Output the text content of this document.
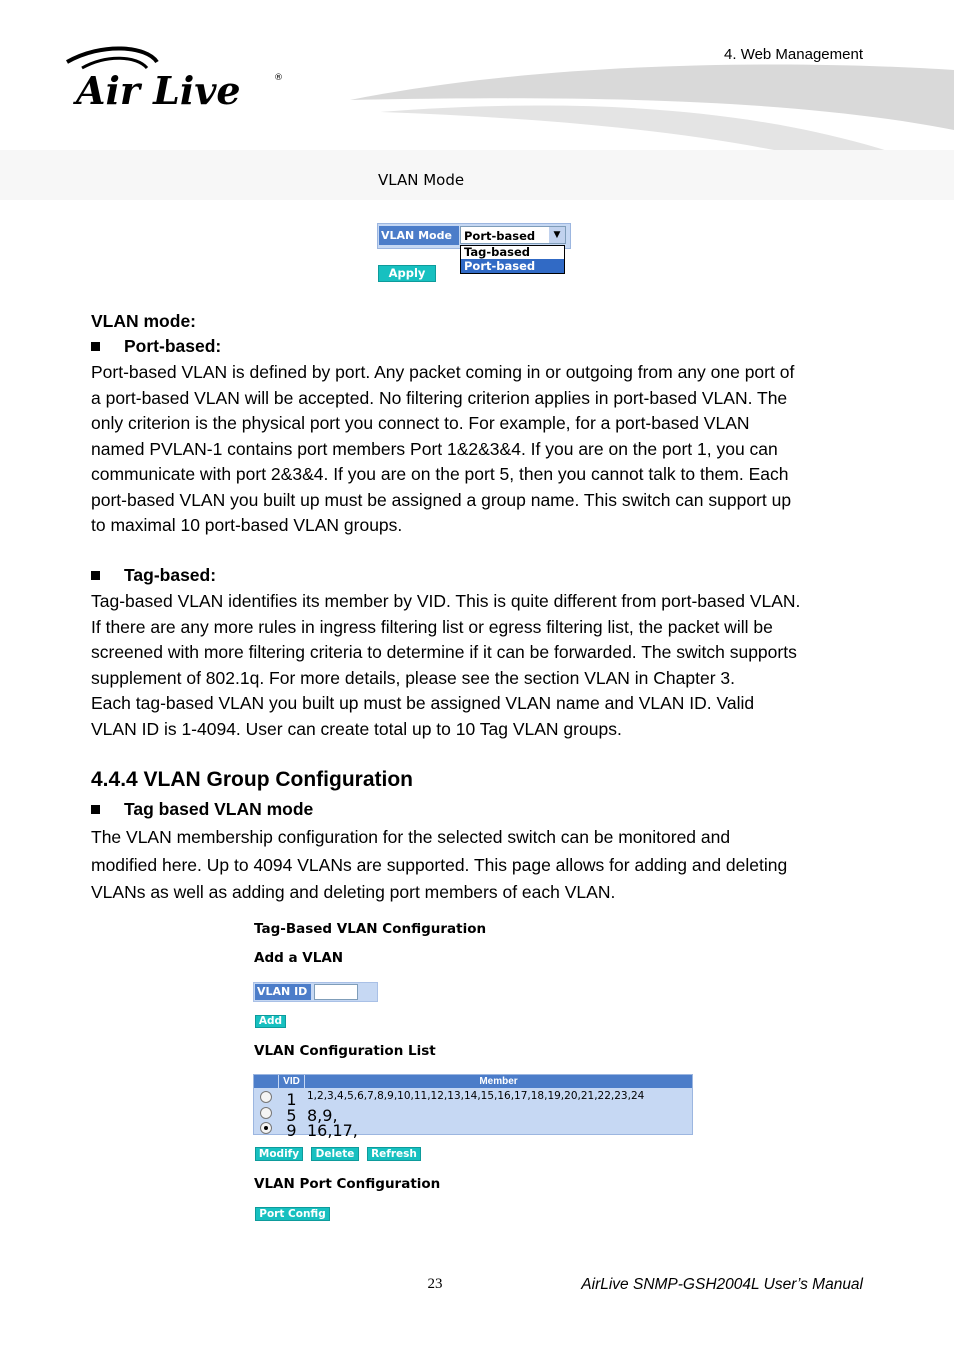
Air Live	®
4. Web Management
VLAN Mode
VLAN Mode	Port-based	▼
Tag-based
Port-based
Apply
VLAN mode:
Port-based:
Port-based VLAN is defined by port. Any packet coming in or outgoing from any one port of
a port-based VLAN will be accepted. No filtering criterion applies in port-based VLAN. The
only criterion is the physical port you connect to. For example, for a port-based VLAN
named PVLAN-1 contains port members Port 1&2&3&4. If you are on the port 1, you can
communicate with port 2&3&4. If you are on the port 5, then you cannot talk to them. Each
port-based VLAN you built up must be assigned a group name. This switch can support up
to maximal 10 port-based VLAN groups.
Tag-based:
Tag-based VLAN identifies its member by VID. This is quite different from port-based VLAN.
If there are any more rules in ingress filtering list or egress filtering list, the packet will be
screened with more filtering criteria to determine if it can be forwarded. The switch supports
supplement of 802.1q. For more details, please see the section VLAN in Chapter 3.
Each tag-based VLAN you built up must be assigned VLAN name and VLAN ID. Valid
VLAN ID is 1-4094. User can create total up to 10 Tag VLAN groups.
4.4.4 VLAN Group Configuration
Tag based VLAN mode
The VLAN membership configuration for the selected switch can be monitored and
modified here. Up to 4094 VLANs are supported. This page allows for adding and deleting
VLANs as well as adding and deleting port members of each VLAN.
Tag-Based VLAN Configuration
Add a VLAN
VLAN ID
Add
VLAN Configuration List
VID	Member
1 1,2,3,4,5,6,7,8,9,10,11,12,13,14,15,16,17,18,19,20,21,22,23,24
5 8,9,
9 16,17,
Modify	Delete	Refresh
VLAN Port Configuration
Port Config
23	AirLive SNMP-GSH2004L User’s Manual
